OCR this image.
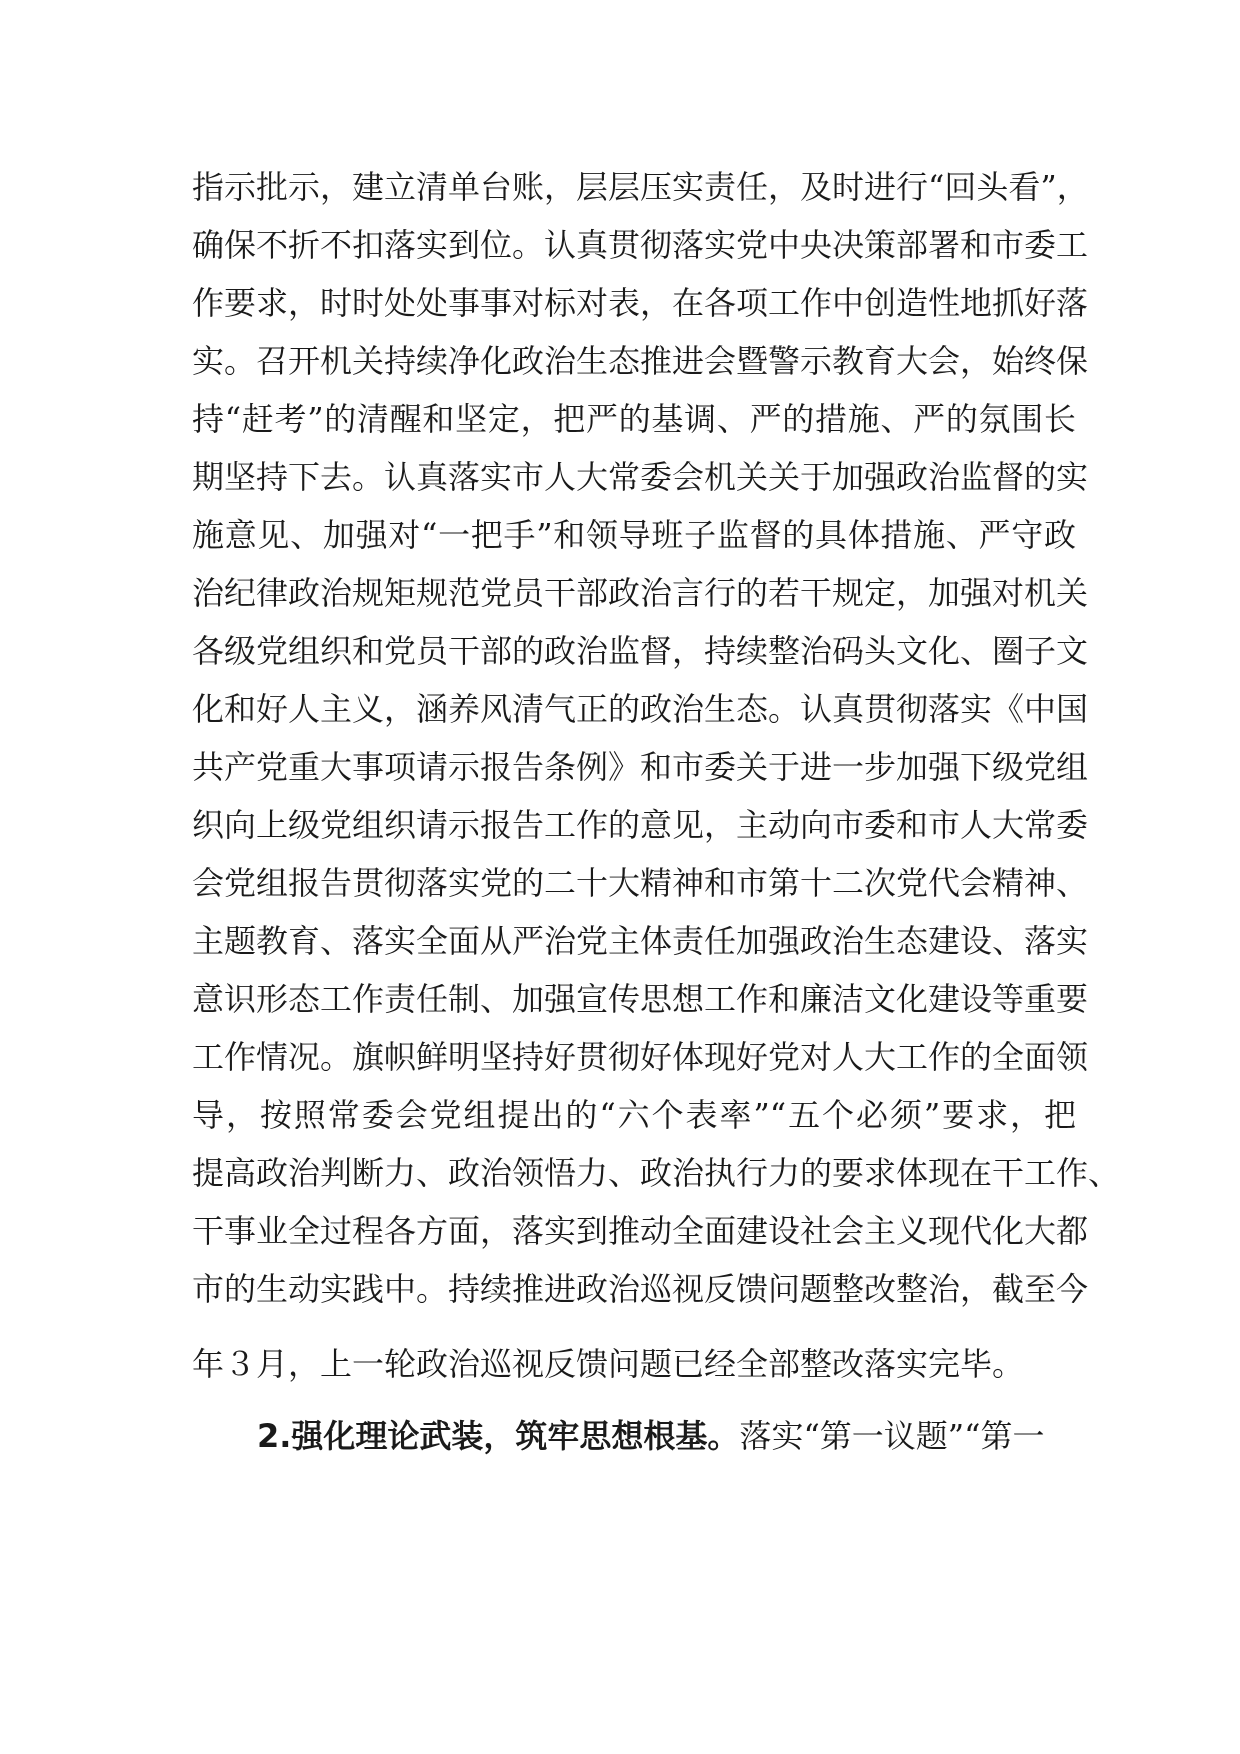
指示批示，建立清单台账，层层压实责任，及时进行“回头看”，
确保不折不扣落实到位。认真贯彻落实党中央决策部署和市委工
作要求，时时处处事事对标对表，在各项工作中创造性地抓好落
实。召开机关持续净化政治生态推进会暨警示教育大会，始终保
持“赶考”的清醒和坚定，把严的基调、严的措施、严的氛围长
期坚持下去。认真落实市人大常委会机关关于加强政治监督的实
施意见、加强对“一把手”和领导班子监督的具体措施、严守政
治纪律政治规矩规范党员干部政治言行的若干规定，加强对机关
各级党组织和党员干部的政治监督，持续整治码头文化、圈子文
化和好人主义，涵养风清气正的政治生态。认真贯彻落实《中国
共产党重大事项请示报告条例》和市委关于进一步加强下级党组
织向上级党组织请示报告工作的意见，主动向市委和市人大常委
会党组报告贯彻落实党的二十大精神和市第十二次党代会精神、
主题教育、落实全面从严治党主体责任加强政治生态建设、落实
意识形态工作责任制、加强宣传思想工作和廉洁文化建设等重要
工作情况。旗帜鲜明坚持好贯彻好体现好党对人大工作的全面领
导，按照常委会党组提出的“六个表率”“五个必须”要求，把
提高政治判断力、政治领悟力、政治执行力的要求体现在干工作、
干事业全过程各方面，落实到推动全面建设社会主义现代化大都
市的生动实践中。持续推进政治巡视反馈问题整改整治，截至今
年３月，上一轮政治巡视反馈问题已经全部整改落实完毕。
2.强化理论武装，筑牢思想根基。落实“第一议题”“第一
